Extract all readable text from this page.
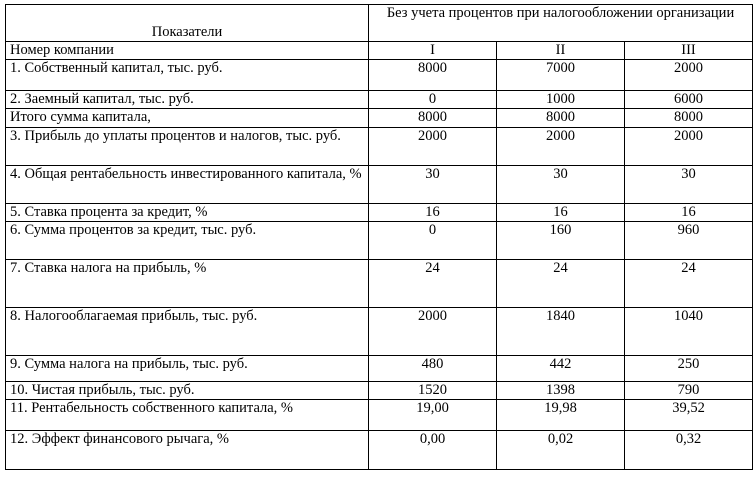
Показатели	Без учета процентов при налогообложении организации		
Номер компании	I	II	III
1. Собственный капитал, тыс. руб.	8000	7000	2000
2. Заемный капитал, тыс. руб.	0	1000	6000
Итого сумма капитала,	8000	8000	8000
3. Прибыль до уплаты процентов и налогов, тыс. руб.	2000	2000	2000
4. Общая рентабельность инвестированного капитала, %	30	30	30
5. Ставка процента за кредит, %	16	16	16
6. Сумма процентов за кредит, тыс. руб.	0	160	960
7. Ставка налога на прибыль, %	24	24	24
8. Налогооблагаемая прибыль, тыс. руб.	2000	1840	1040
9. Сумма налога на прибыль, тыс. руб.	480	442	250
10. Чистая прибыль, тыс. руб.	1520	1398	790
11. Рентабельность собственного капитала, %	19,00	19,98	39,52
12. Эффект финансового рычага, %	0,00	0,02	0,32
